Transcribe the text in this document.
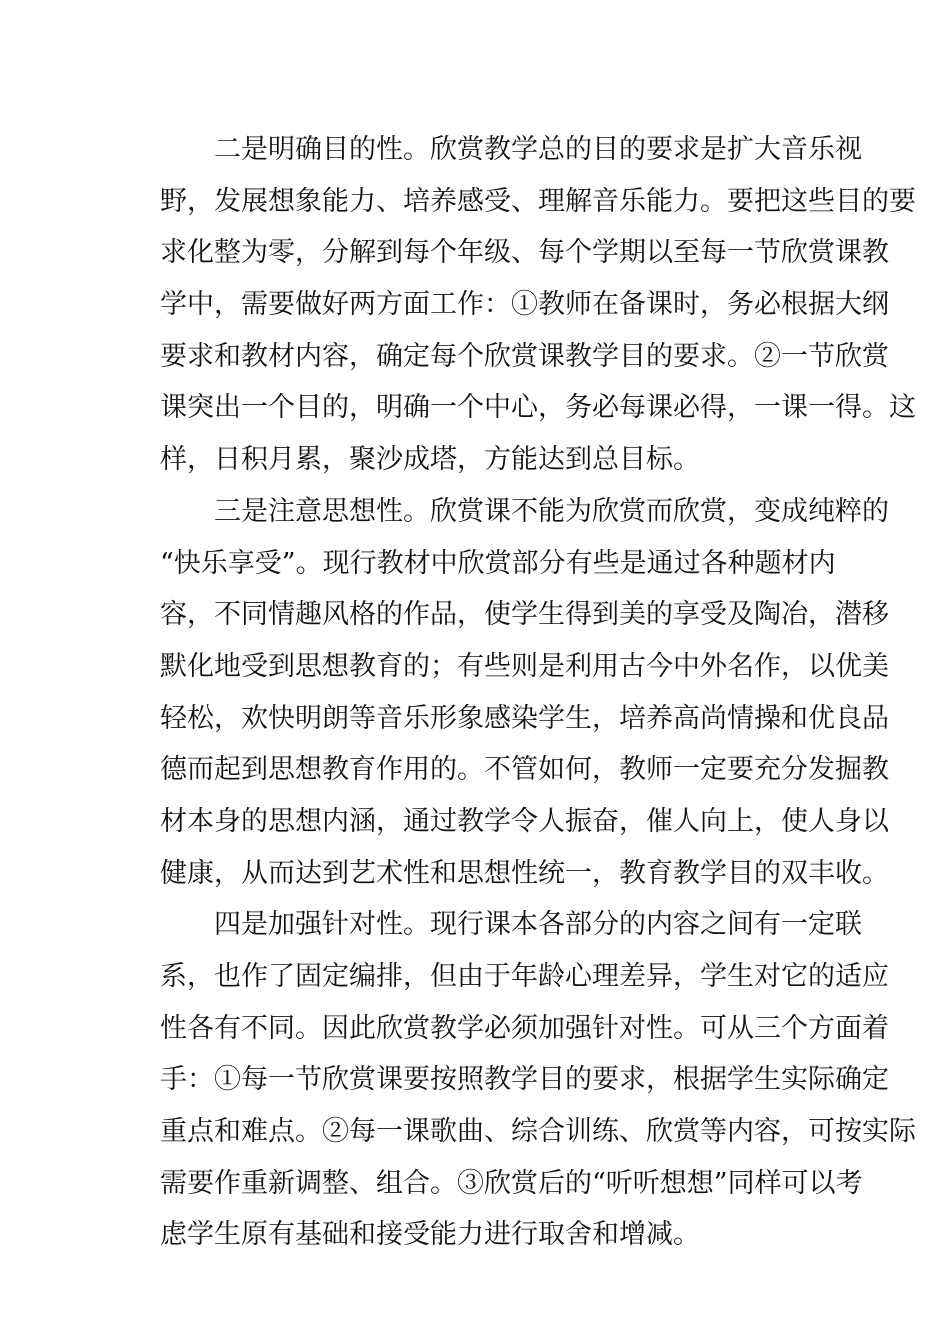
二是明确目的性。欣赏教学总的目的要求是扩大音乐视
野，发展想象能力、培养感受、理解音乐能力。要把这些目的要
求化整为零，分解到每个年级、每个学期以至每一节欣赏课教
学中，需要做好两方面工作：①教师在备课时，务必根据大纲
要求和教材内容，确定每个欣赏课教学目的要求。②一节欣赏
课突出一个目的，明确一个中心，务必每课必得，一课一得。这
样，日积月累，聚沙成塔，方能达到总目标。
三是注意思想性。欣赏课不能为欣赏而欣赏，变成纯粹的
“快乐享受”。现行教材中欣赏部分有些是通过各种题材内
容，不同情趣风格的作品，使学生得到美的享受及陶冶，潜移
默化地受到思想教育的；有些则是利用古今中外名作，以优美
轻松，欢快明朗等音乐形象感染学生，培养高尚情操和优良品
德而起到思想教育作用的。不管如何，教师一定要充分发掘教
材本身的思想内涵，通过教学令人振奋，催人向上，使人身以
健康，从而达到艺术性和思想性统一，教育教学目的双丰收。
四是加强针对性。现行课本各部分的内容之间有一定联
系，也作了固定编排，但由于年龄心理差异，学生对它的适应
性各有不同。因此欣赏教学必须加强针对性。可从三个方面着
手：①每一节欣赏课要按照教学目的要求，根据学生实际确定
重点和难点。②每一课歌曲、综合训练、欣赏等内容，可按实际
需要作重新调整、组合。③欣赏后的“听听想想”同样可以考
虑学生原有基础和接受能力进行取舍和增减。
